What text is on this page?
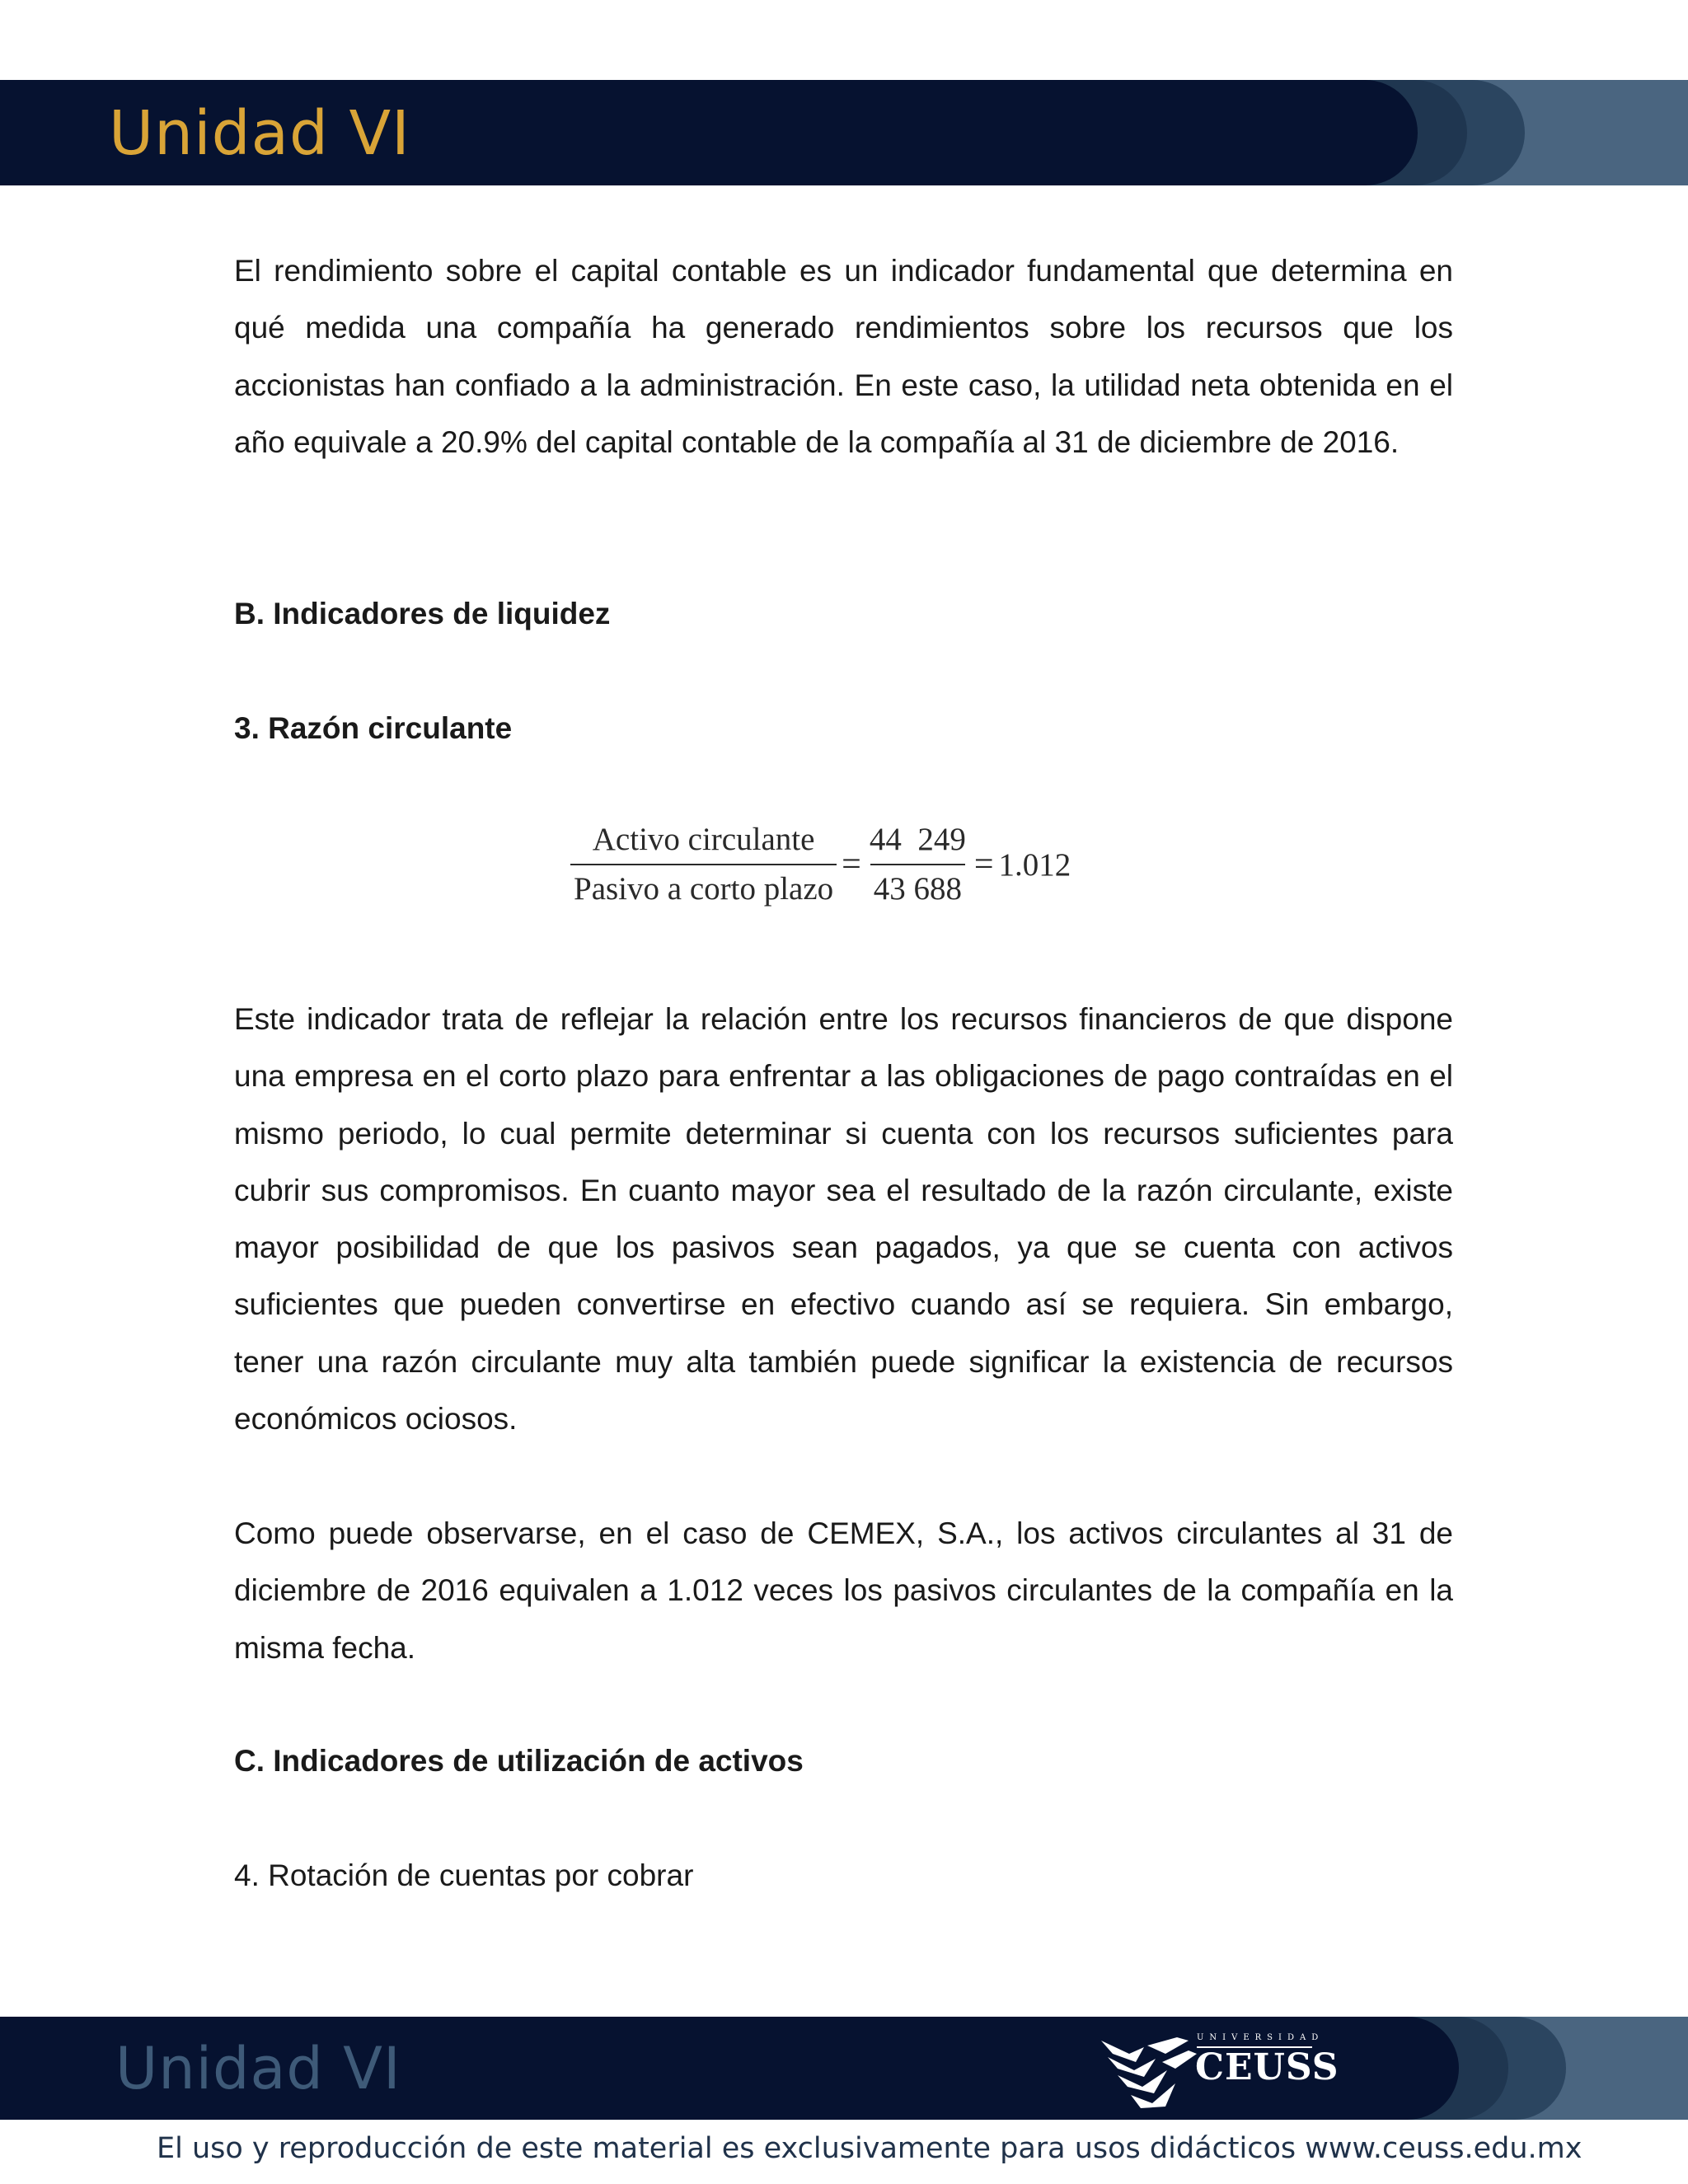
Unidad VI

El rendimiento sobre el capital contable es un indicador fundamental que determina en qué medida una compañía ha generado rendimientos sobre los recursos que los accionistas han confiado a la administración. En este caso, la utilidad neta obtenida en el año equivale a 20.9% del capital contable de la compañía al 31 de diciembre de 2016.

B. Indicadores de liquidez

3. Razón circulante

$\frac{\text{Activo circulante}}{\text{Pasivo a corto plazo}} = \frac{44 249}{43 688} = 1.012$

Este indicador trata de reflejar la relación entre los recursos financieros de que dispone una empresa en el corto plazo para enfrentar a las obligaciones de pago contraídas en el mismo periodo, lo cual permite determinar si cuenta con los recursos suficientes para cubrir sus compromisos. En cuanto mayor sea el resultado de la razón circulante, existe mayor posibilidad de que los pasivos sean pagados, ya que se cuenta con activos suficientes que pueden convertirse en efectivo cuando así se requiera. Sin embargo, tener una razón circulante muy alta también puede significar la existencia de recursos económicos ociosos.

Como puede observarse, en el caso de CEMEX, S.A., los activos circulantes al 31 de diciembre de 2016 equivalen a 1.012 veces los pasivos circulantes de la compañía en la misma fecha.

C. Indicadores de utilización de activos

4. Rotación de cuentas por cobrar

Unidad VI	UNIVERSIDAD
CEUSS
El uso y reproducción de este material es exclusivamente para usos didácticos www.ceuss.edu.mx
